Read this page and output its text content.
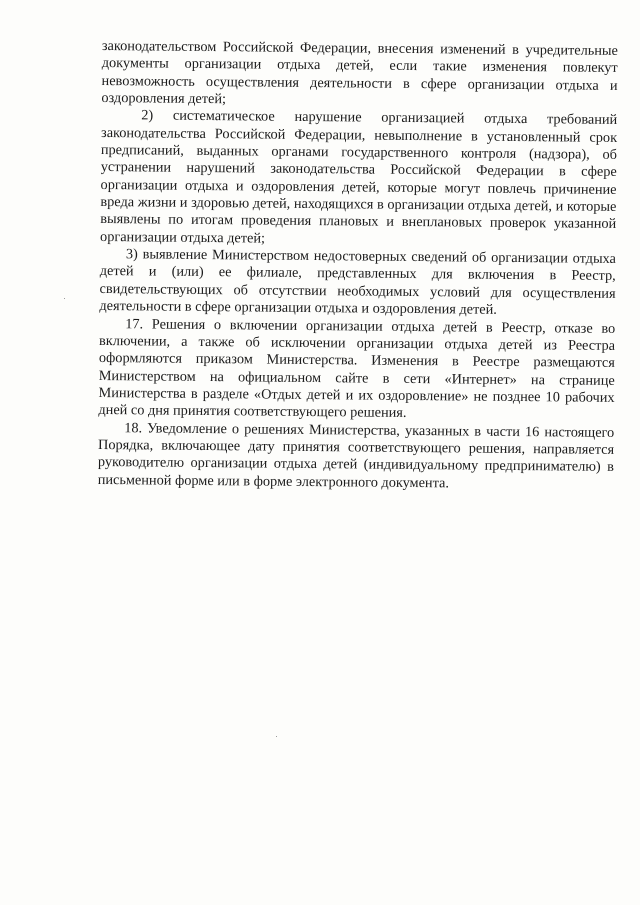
законодательством Российской Федерации, внесения изменений в учредительные документы организации отдыха детей, если такие изменения повлекут невозможность осуществления деятельности в сфере организации отдыха и оздоровления детей;

2) систематическое нарушение организацией отдыха требований законодательства Российской Федерации, невыполнение в установленный срок предписаний, выданных органами государственного контроля (надзора), об устранении нарушений законодательства Российской Федерации в сфере организации отдыха и оздоровления детей, которые могут повлечь причинение вреда жизни и здоровью детей, находящихся в организации отдыха детей, и которые выявлены по итогам проведения плановых и внеплановых проверок указанной организации отдыха детей;

3) выявление Министерством недостоверных сведений об организации отдыха детей и (или) ее филиале, представленных для включения в Реестр, свидетельствующих об отсутствии необходимых условий для осуществления деятельности в сфере организации отдыха и оздоровления детей.

17. Решения о включении организации отдыха детей в Реестр, отказе во включении, а также об исключении организации отдыха детей из Реестра оформляются приказом Министерства. Изменения в Реестре размещаются Министерством на официальном сайте в сети «Интернет» на странице Министерства в разделе «Отдых детей и их оздоровление» не позднее 10 рабочих дней со дня принятия соответствующего решения.

18. Уведомление о решениях Министерства, указанных в части 16 настоящего Порядка, включающее дату принятия соответствующего решения, направляется руководителю организации отдыха детей (индивидуальному предпринимателю) в письменной форме или в форме электронного документа.
